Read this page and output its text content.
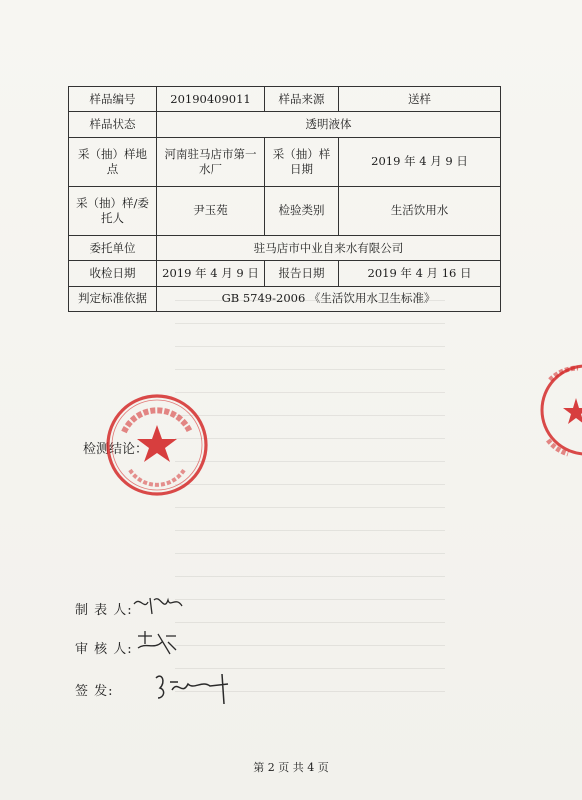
样品编号	20190409011	样品来源	送样
样品状态	透明液体		
采（抽）样地点	河南驻马店市第一水厂	采（抽）样日期	2019 年 4 月 9 日
采（抽）样/委托人	尹玉苑	检验类别	生活饮用水
委托单位	驻马店市中业自来水有限公司		
收检日期	2019 年 4 月 9 日	报告日期	2019 年 4 月 16 日
判定标准依据	GB 5749-2006 《生活饮用水卫生标准》		
检测结论：
制 表 人:
审 核 人:
签 发:
第 2 页 共 4 页
